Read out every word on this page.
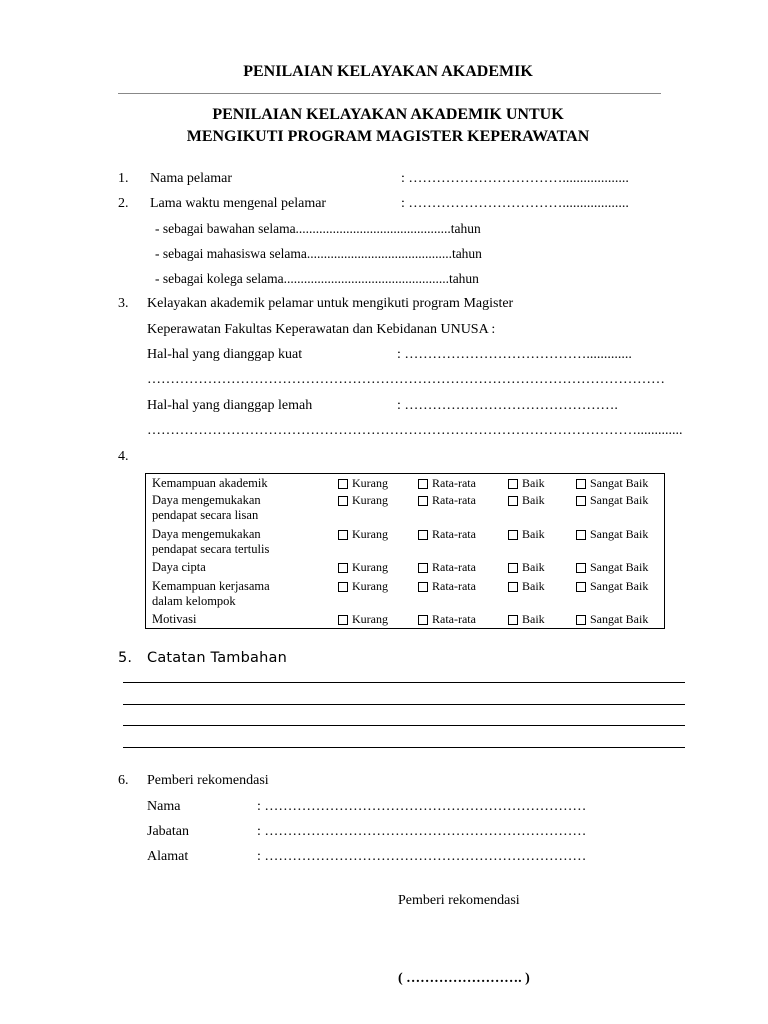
PENILAIAN KELAYAKAN AKADEMIK
PENILAIAN KELAYAKAN AKADEMIK UNTUK
MENGIKUTI PROGRAM MAGISTER KEPERAWATAN
1. Nama pelamar	: ……………………………...................
2. Lama waktu mengenal pelamar	: ……………………………...................
- sebagai bawahan selama..............................................tahun
- sebagai mahasiswa selama...........................................tahun
- sebagai kolega selama.................................................tahun
3. Kelayakan akademik pelamar untuk mengikuti program Magister
Keperawatan Fakultas Keperawatan dan Kebidanan UNUSA :
Hal-hal yang dianggap kuat	: ………………………………….............
…………………………………………………………………………………………………
Hal-hal yang dianggap lemah	: ……………………………………….
…………………………………………………………………………………………….............
4.
Kemampuan akademik	Kurang	Rata-rata	Baik	Sangat Baik
Daya mengemukakan
pendapat secara lisan
Kurang	Rata-rata	Baik	Sangat Baik
Daya mengemukakan
pendapat secara tertulis
Kurang	Rata-rata	Baik	Sangat Baik
Daya cipta	Kurang	Rata-rata	Baik	Sangat Baik
Kemampuan kerjasama
dalam kelompok
Kurang	Rata-rata	Baik	Sangat Baik
Motivasi	Kurang	Rata-rata	Baik	Sangat Baik
5. Catatan Tambahan
6. Pemberi rekomendasi
Nama	: ……………………………………………………………
Jabatan	: ……………………………………………………………
Alamat	: ……………………………………………………………
Pemberi rekomendasi
( ……………………. )
